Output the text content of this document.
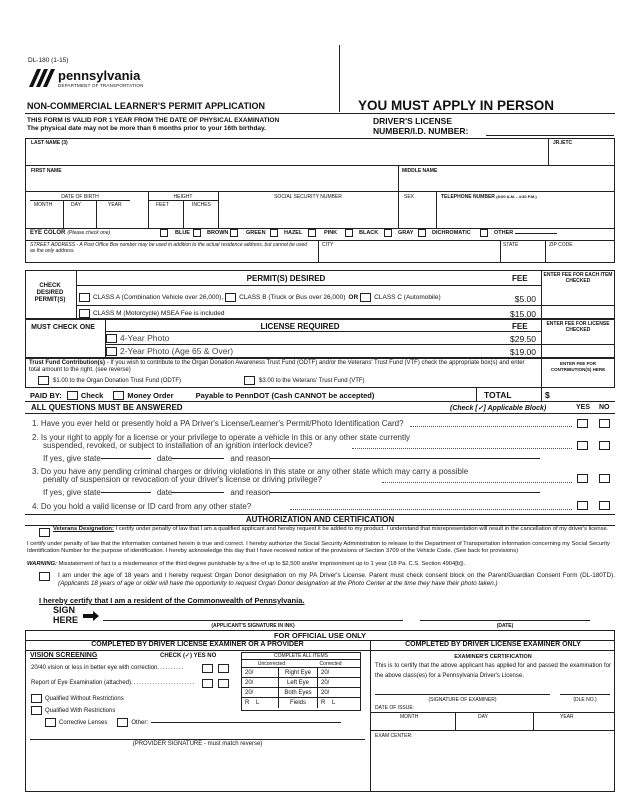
DL-180 (1-15)
pennsylvania
DEPARTMENT OF TRANSPORTATION
NON-COMMERCIAL LEARNER'S PERMIT APPLICATION	YOU MUST APPLY IN PERSON
THIS FORM IS VALID FOR 1 YEAR FROM THE DATE OF PHYSICAL EXAMINATION
The physical date may not be more than 6 months prior to your 16th birthday.
DRIVER'S LICENSE
NUMBER/I.D. NUMBER:
LAST NAME (3)	JR./ETC
FIRST NAME	MIDDLE NAME
DATE OF BIRTH
MONTH	DAY	YEAR
HEIGHT
FEET	INCHES
SOCIAL SECURITY NUMBER	SEX	TELEPHONE NUMBER (8:00 A.M. - 4:30 P.M.)
EYE COLOR (Please check one)	BLUE	BROWN	GREEN	HAZEL	PINK	BLACK	GRAY	DICHROMATIC	OTHER
STREET ADDRESS - A Post Office Box number may be used in addition to the actual residence address, but cannot be used as the only address.
CITY	STATE	ZIP CODE
CHECK DESIRED PERMIT(S)
PERMIT(S) DESIRED	FEE	ENTER FEE FOR EACH ITEM CHECKED
CLASS A (Combination Vehicle over 26,000), CLASS B (Truck or Bus over 26,000) OR CLASS C (Automobile)	$5.00
CLASS M (Motorcycle) MSEA Fee is included	$15.00
MUST CHECK ONE	LICENSE REQUIRED	FEE	ENTER FEE FOR LICENSE CHECKED
4-Year Photo	$29.50
2-Year Photo (Age 65 & Over)	$19.00
Trust Fund Contribution(s) - If you wish to contribute to the Organ Donation Awareness Trust Fund (ODTF) and/or the Veterans' Trust Fund (VTF) check the appropriate box(s) and enter total amount to the right. (see reverse)
$1.00 to the Organ Donation Trust Fund (ODTF)	$3.00 to the Veterans' Trust Fund (VTF)
ENTER FEE FOR CONTRIBUTION(S) HERE
PAID BY:	Check	Money Order	Payable to PennDOT (Cash CANNOT be accepted)	TOTAL	$
ALL QUESTIONS MUST BE ANSWERED	(Check [✓] Applicable Block)	YES NO
1. Have you ever held or presently hold a PA Driver's License/Learner's Permit/Photo Identification Card?
2. Is your right to apply for a license or your privilege to operate a vehicle in this or any other state currently
suspended, revoked, or subject to installation of an ignition interlock device?
If yes, give state	date	and reason
3. Do you have any pending criminal charges or driving violations in this state or any other state which may carry a possible
penalty of suspension or revocation of your driver's license or driving privilege?
If yes, give state	date	and reason
4. Do you hold a valid license or ID card from any other state?
AUTHORIZATION AND CERTIFICATION
Veterans Designation: I certify under penalty of law that I am a qualified applicant and hereby request it be added to my product. I understand that misrepresentation will result in the cancellation of my driver's license.
I certify under penalty of law that the information contained herein is true and correct. I hereby authorize the Social Security Administration to release to the Department of Transportation information concerning my Social Security Identification Number for the purpose of identification. I hereby acknowledge this day that I have received notice of the provisions of Section 3709 of the Vehicle Code. (See back for provisions)
WARNING: Misstatement of fact is a misdemeanor of the third degree punishable by a fine of up to $2,500 and/or imprisonment up to 1 year (18 Pa. C.S. Section 4904[b]).
I am under the age of 18 years and I hereby request Organ Donor designation on my PA Driver's License. Parent must check consent block on the Parent/Guardian Consent Form (DL-180TD). (Applicants 18 years of age or older will have the opportunity to request Organ Donor designation at the Photo Center at the time they have their photo taken.)
I hereby certify that I am a resident of the Commonwealth of Pennsylvania.
SIGN
HERE
(APPLICANT'S SIGNATURE IN INK)	(DATE)
FOR OFFICIAL USE ONLY
COMPLETED BY DRIVER LICENSE EXAMINER OR A PROVIDER	COMPLETED BY DRIVER LICENSE EXAMINER ONLY
VISION SCREENING	CHECK (✓) YES NO
20/40 vision or less in better eye with correction..........
Report of Eye Examination (attached)........................
Qualified Without Restrictions
Qualified With Restrictions
Corrective Lenses	Other:
COMPLETE ALL ITEMS
Uncorrected	Corrected
20/	Right Eye	20/
20/	Left Eye	20/
20/	Both Eyes	20/
R    L	Fields	R    L
(PROVIDER SIGNATURE - must match reverse)
EXAMINER'S CERTIFICATION
This is to certify that the above applicant has applied for and passed the examination for the above class(es) for a Pennsylvania Driver's License.
(SIGNATURE OF EXAMINER)	(DLE NO.)
DATE OF ISSUE:
MONTH	DAY	YEAR
EXAM CENTER:
